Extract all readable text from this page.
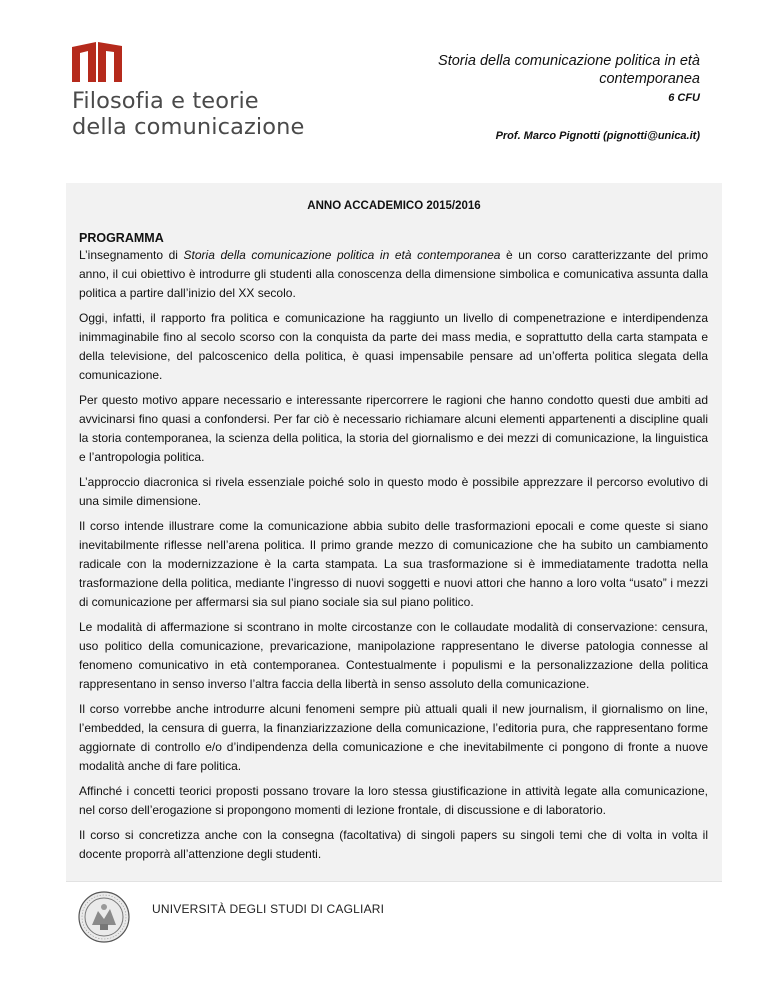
Filosofia e teorie
della comunicazione
Storia della comunicazione politica in età contemporanea
6 CFU
Prof. Marco Pignotti (pignotti@unica.it)
ANNO ACCADEMICO 2015/2016
PROGRAMMA

L’insegnamento di Storia della comunicazione politica in età contemporanea è un corso caratterizzante del primo anno, il cui obiettivo è introdurre gli studenti alla conoscenza della dimensione simbolica e comunicativa assunta dalla politica a partire dall’inizio del XX secolo.

Oggi, infatti, il rapporto fra politica e comunicazione ha raggiunto un livello di compenetrazione e interdipendenza inimmaginabile fino al secolo scorso con la conquista da parte dei mass media, e soprattutto della carta stampata e della televisione, del palcoscenico della politica, è quasi impensabile pensare ad un’offerta politica slegata della comunicazione.

Per questo motivo appare necessario e interessante ripercorrere le ragioni che hanno condotto questi due ambiti ad avvicinarsi fino quasi a confondersi. Per far ciò è necessario richiamare alcuni elementi appartenenti a discipline quali la storia contemporanea, la scienza della politica, la storia del giornalismo e dei mezzi di comunicazione, la linguistica e l’antropologia politica.

L’approccio diacronica si rivela essenziale poiché solo in questo modo è possibile apprezzare il percorso evolutivo di una simile dimensione.

Il corso intende illustrare come la comunicazione abbia subito delle trasformazioni epocali e come queste si siano inevitabilmente riflesse nell’arena politica. Il primo grande mezzo di comunicazione che ha subito un cambiamento radicale con la modernizzazione è la carta stampata. La sua trasformazione si è immediatamente tradotta nella trasformazione della politica, mediante l’ingresso di nuovi soggetti e nuovi attori che hanno a loro volta “usato” i mezzi di comunicazione per affermarsi sia sul piano sociale sia sul piano politico.

Le modalità di affermazione si scontrano in molte circostanze con le collaudate modalità di conservazione: censura, uso politico della comunicazione, prevaricazione, manipolazione rappresentano le diverse patologia connesse al fenomeno comunicativo in età contemporanea. Contestualmente i populismi e la personalizzazione della politica rappresentano in senso inverso l’altra faccia della libertà in senso assoluto della comunicazione.

Il corso vorrebbe anche introdurre alcuni fenomeni sempre più attuali quali il new journalism, il giornalismo on line, l’embedded, la censura di guerra, la finanziarizzazione della comunicazione, l’editoria pura, che rappresentano forme aggiornate di controllo e/o d’indipendenza della comunicazione e che inevitabilmente ci pongono di fronte a nuove modalità anche di fare politica.

Affinché i concetti teorici proposti possano trovare la loro stessa giustificazione in attività legate alla comunicazione, nel corso dell’erogazione si propongono momenti di lezione frontale, di discussione e di laboratorio.

Il corso si concretizza anche con la consegna (facoltativa) di singoli papers su singoli temi che di volta in volta il docente proporrà all’attenzione degli studenti.

UNIVERSITÀ DEGLI STUDI DI CAGLIARI
